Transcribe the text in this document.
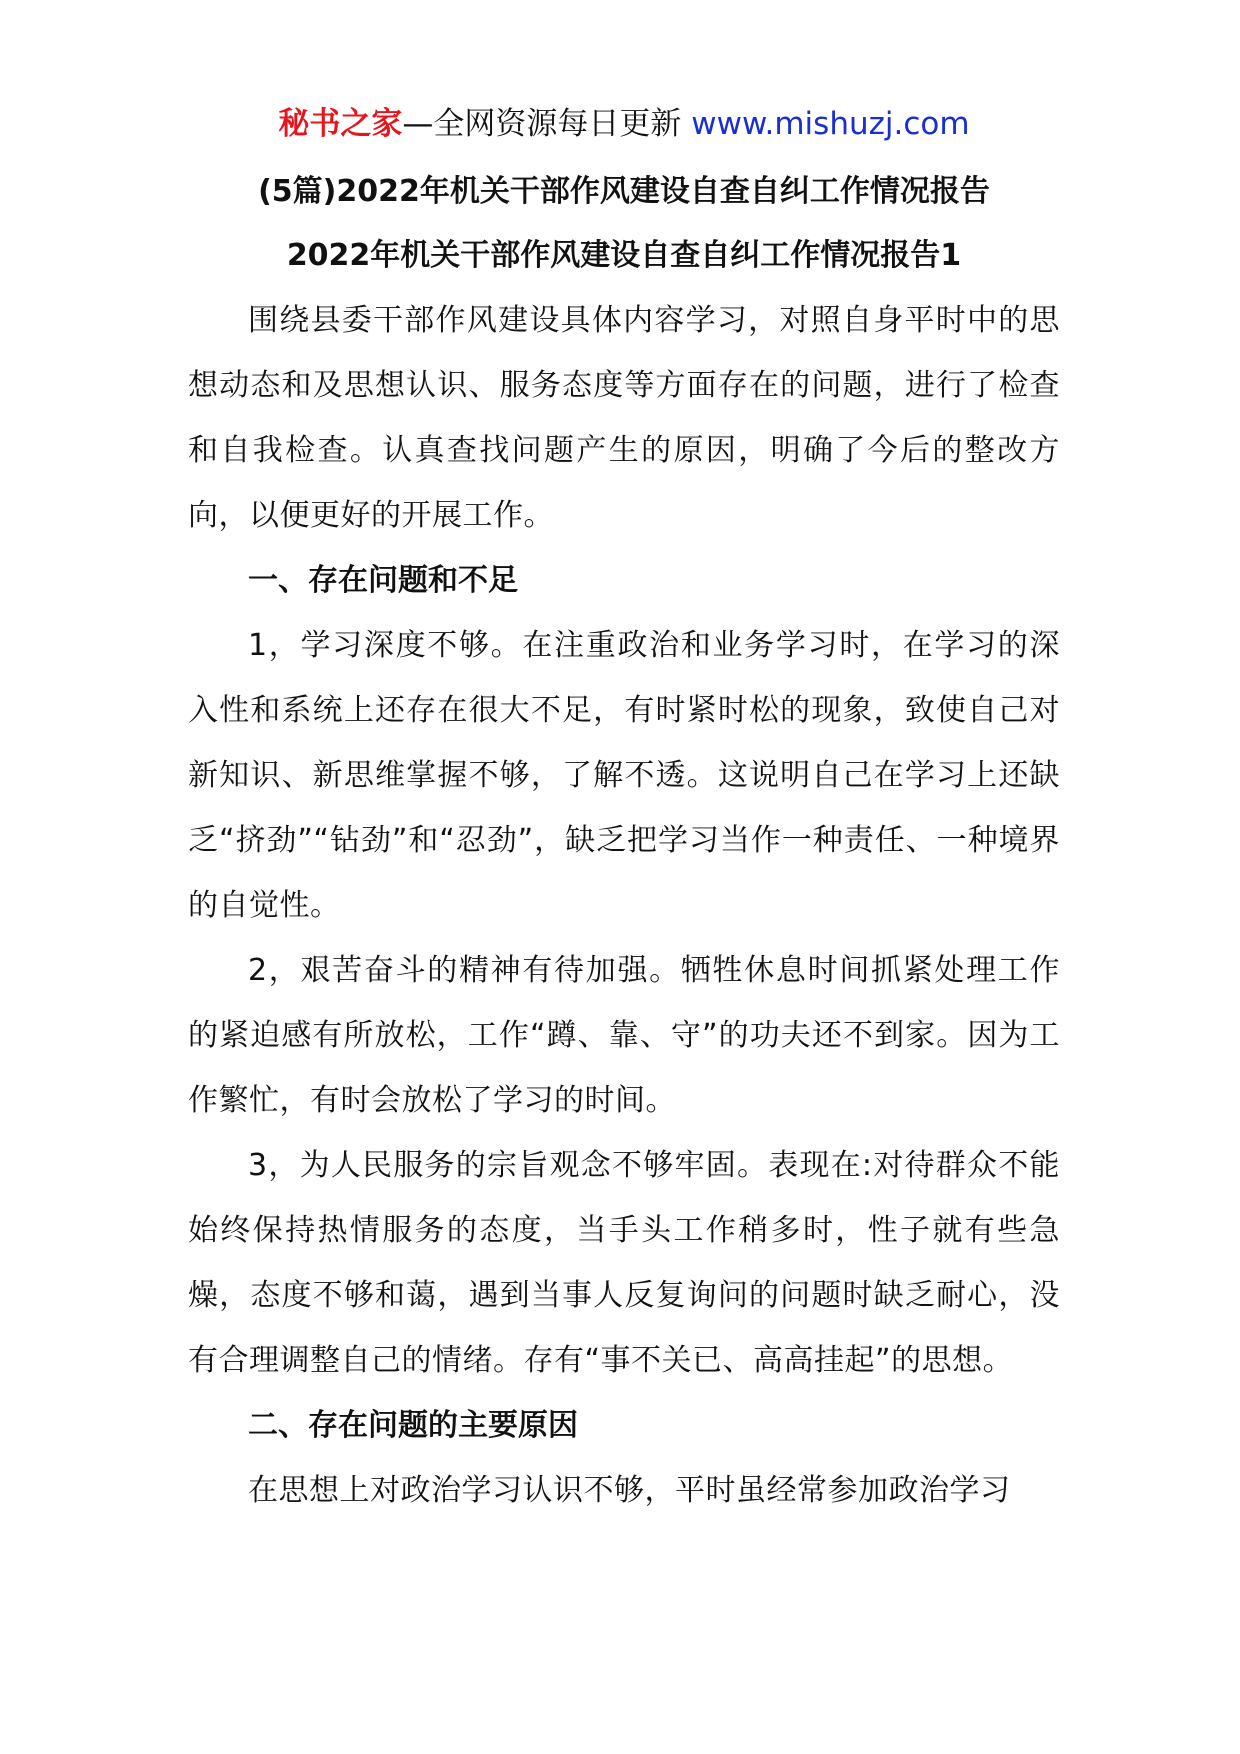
秘书之家—全网资源每日更新 www.mishuzj.com
(5篇)2022年机关干部作风建设自查自纠工作情况报告
2022年机关干部作风建设自查自纠工作情况报告1

围绕县委干部作风建设具体内容学习，对照自身平时中的思想动态和及思想认识、服务态度等方面存在的问题，进行了检查和自我检查。认真查找问题产生的原因，明确了今后的整改方向，以便更好的开展工作。

一、存在问题和不足

1，学习深度不够。在注重政治和业务学习时，在学习的深入性和系统上还存在很大不足，有时紧时松的现象，致使自己对新知识、新思维掌握不够，了解不透。这说明自己在学习上还缺乏“挤劲”“钻劲”和“忍劲”，缺乏把学习当作一种责任、一种境界的自觉性。

2，艰苦奋斗的精神有待加强。牺牲休息时间抓紧处理工作的紧迫感有所放松，工作“蹲、靠、守”的功夫还不到家。因为工作繁忙，有时会放松了学习的时间。

3，为人民服务的宗旨观念不够牢固。表现在:对待群众不能始终保持热情服务的态度，当手头工作稍多时，性子就有些急燥，态度不够和蔼，遇到当事人反复询问的问题时缺乏耐心，没有合理调整自己的情绪。存有“事不关已、高高挂起”的思想。

二、存在问题的主要原因

在思想上对政治学习认识不够，平时虽经常参加政治学习
